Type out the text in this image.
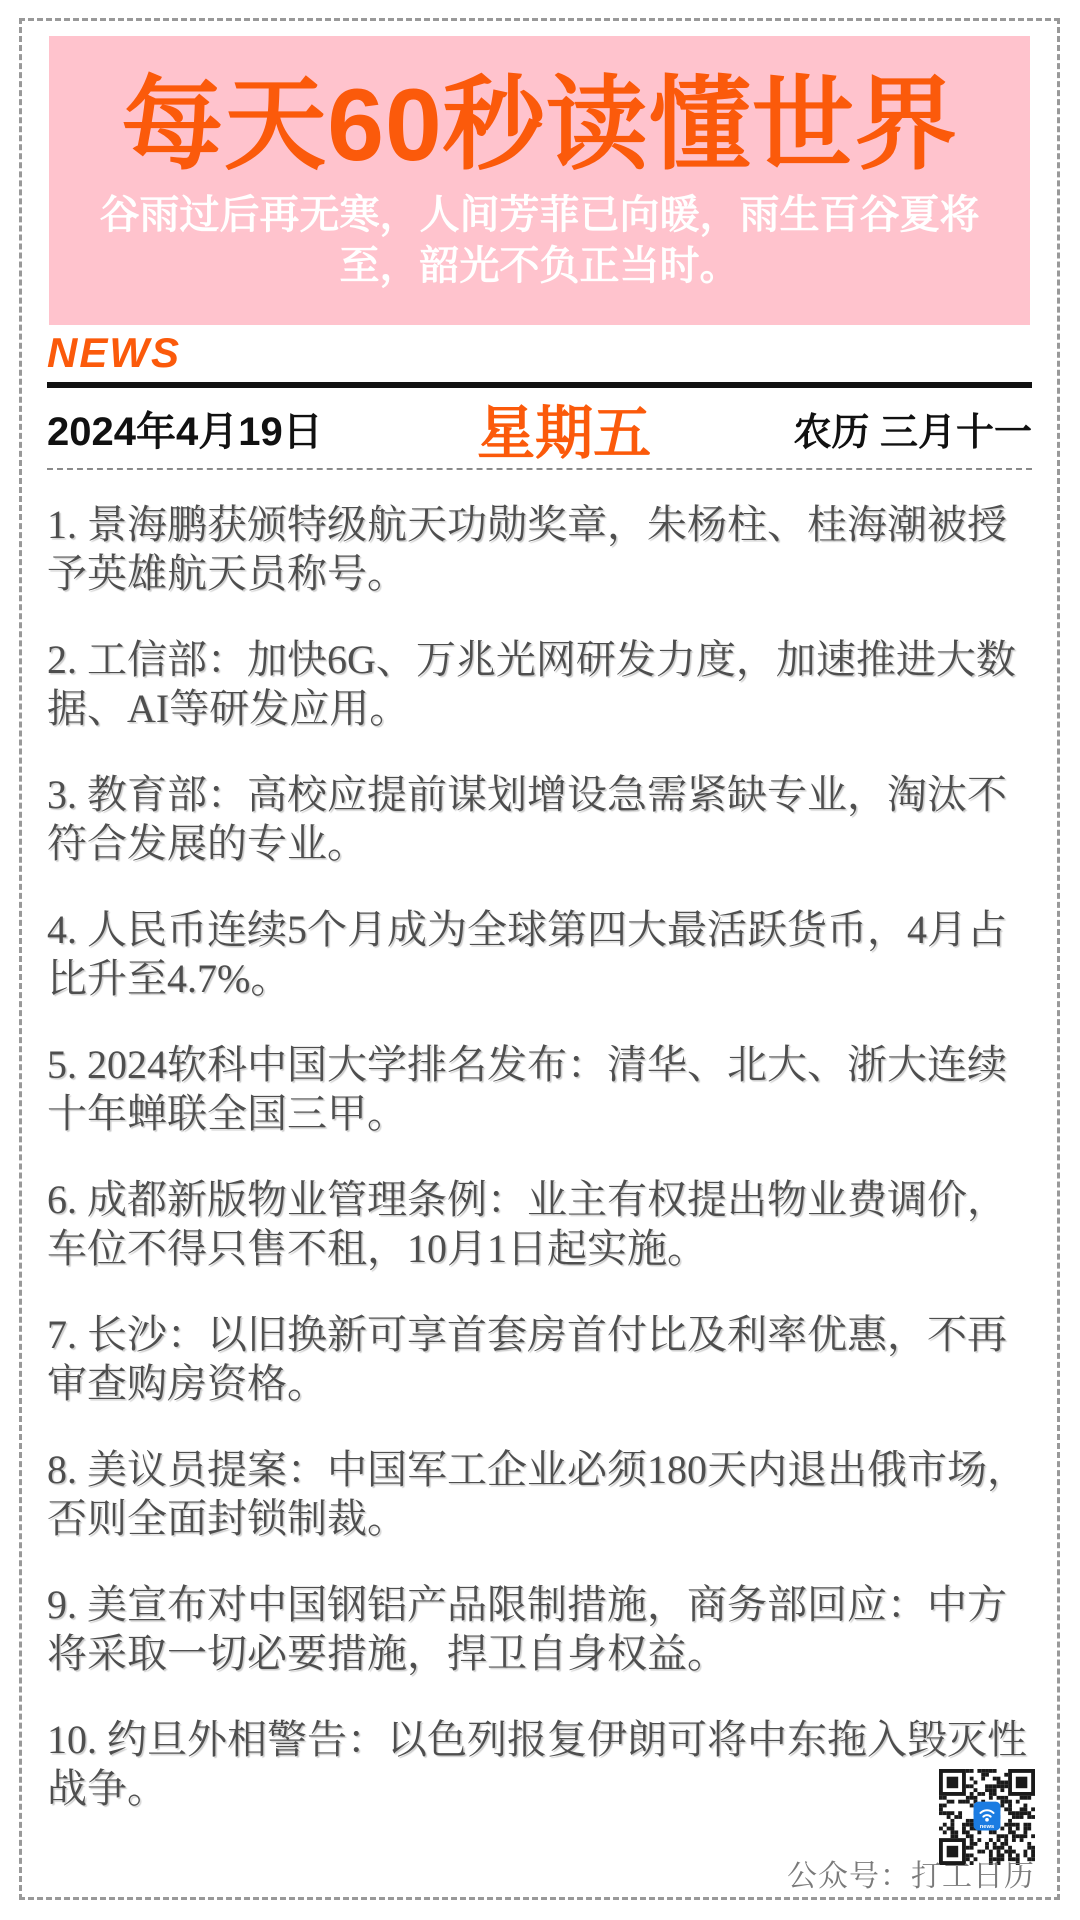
每天60秒读懂世界
谷雨过后再无寒，人间芳菲已向暖，雨生百谷夏将至，韶光不负正当时。
NEWS
2024年4月19日	星期五	农历 三月十一
1. 景海鹏获颁特级航天功勋奖章，朱杨柱、桂海潮被授予英雄航天员称号。
2. 工信部：加快6G、万兆光网研发力度，加速推进大数据、AI等研发应用。
3. 教育部：高校应提前谋划增设急需紧缺专业，淘汰不符合发展的专业。
4. 人民币连续5个月成为全球第四大最活跃货币，4月占比升至4.7%。
5. 2024软科中国大学排名发布：清华、北大、浙大连续十年蝉联全国三甲。
6. 成都新版物业管理条例：业主有权提出物业费调价，车位不得只售不租，10月1日起实施。
7. 长沙：以旧换新可享首套房首付比及利率优惠，不再审查购房资格。
8. 美议员提案：中国军工企业必须180天内退出俄市场，否则全面封锁制裁。
9. 美宣布对中国钢铝产品限制措施，商务部回应：中方将采取一切必要措施，捍卫自身权益。
10. 约旦外相警告：以色列报复伊朗可将中东拖入毁灭性战争。
news
公众号：打工日历
